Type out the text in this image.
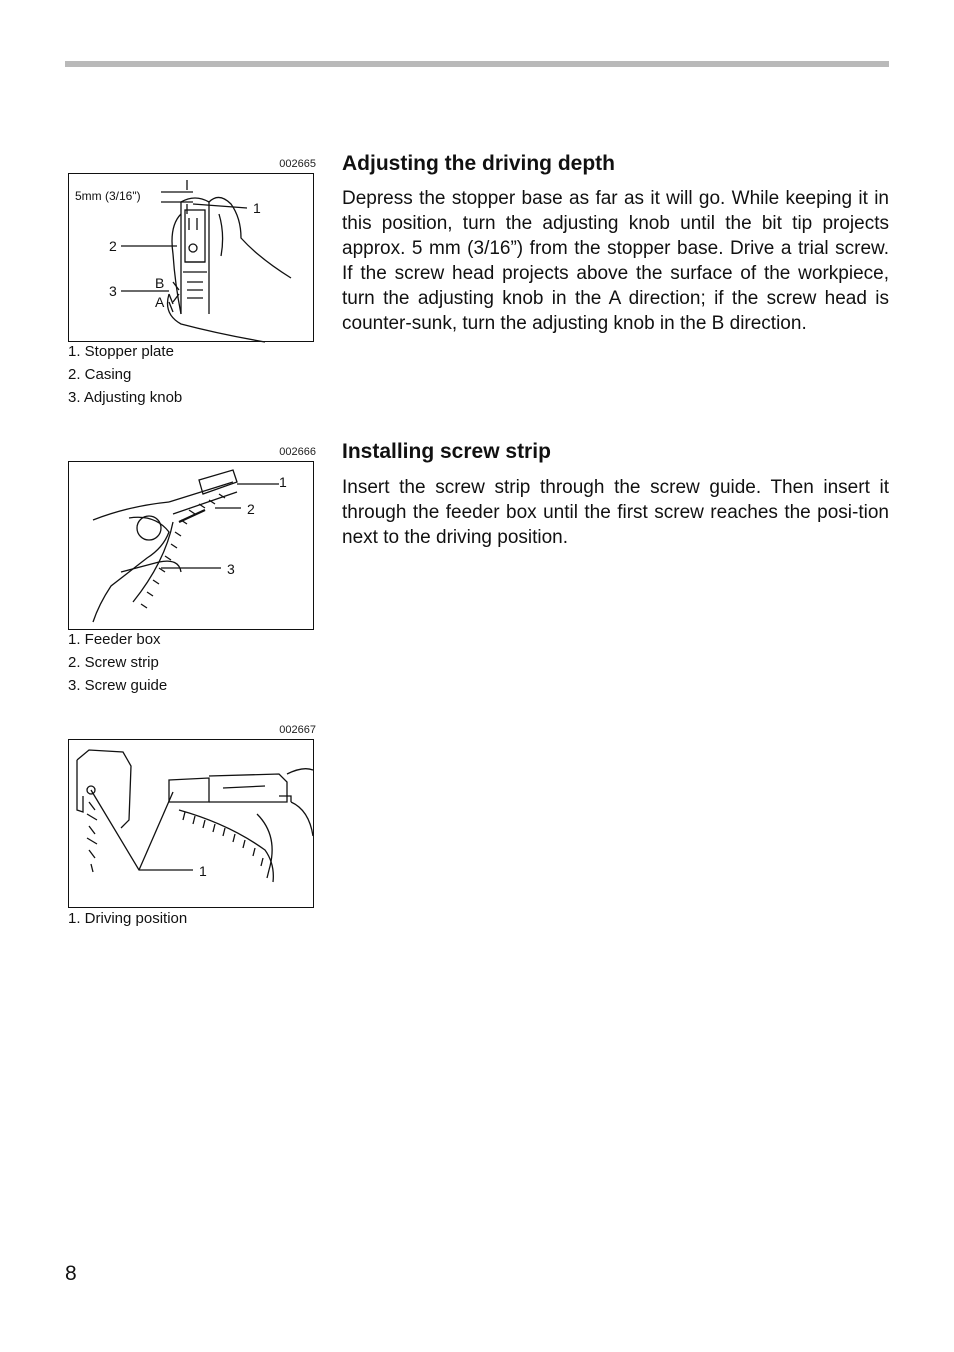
002665
5mm (3/16")
1
2
B
3
A
1. Stopper plate
2. Casing
3. Adjusting knob
002666
1
2
3
1. Feeder box
2. Screw strip
3. Screw guide
002667
1
1. Driving position
Adjusting the driving depth

Depress the stopper base as far as it will go. While keeping it in this position, turn the adjusting knob until the bit tip projects approx. 5 mm (3/16”) from the stopper base. Drive a trial screw. If the screw head projects above the surface of the workpiece, turn the adjusting knob in the A direction; if the screw head is counter-sunk, turn the adjusting knob in the B direction.

Installing screw strip

Insert the screw strip through the screw guide. Then insert it through the feeder box until the first screw reaches the posi-tion next to the driving position.

8
